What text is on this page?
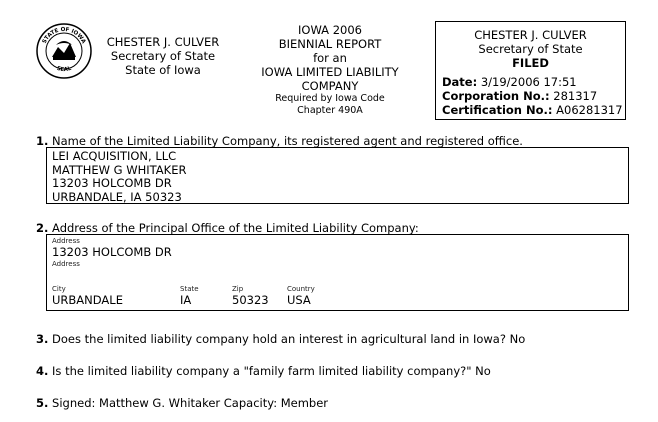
STATE OF IOWA
SEAL
CHESTER J. CULVER
Secretary of State
State of Iowa
IOWA 2006
BIENNIAL REPORT
for an
IOWA LIMITED LIABILITY
COMPANY
Required by Iowa Code
Chapter 490A
CHESTER J. CULVER
Secretary of State
FILED
Date: 3/19/2006 17:51
Corporation No.: 281317
Certification No.: A06281317
1. Name of the Limited Liability Company, its registered agent and registered office.
LEI ACQUISITION, LLC
MATTHEW G WHITAKER
13203 HOLCOMB DR
URBANDALE, IA 50323
2. Address of the Principal Office of the Limited Liability Company:
Address
13203 HOLCOMB DR
Address
City
URBANDALE
State
IA
Zip
50323
Country
USA
3. Does the limited liability company hold an interest in agricultural land in Iowa? No
4. Is the limited liability company a "family farm limited liability company?" No
5. Signed: Matthew G. Whitaker Capacity: Member
